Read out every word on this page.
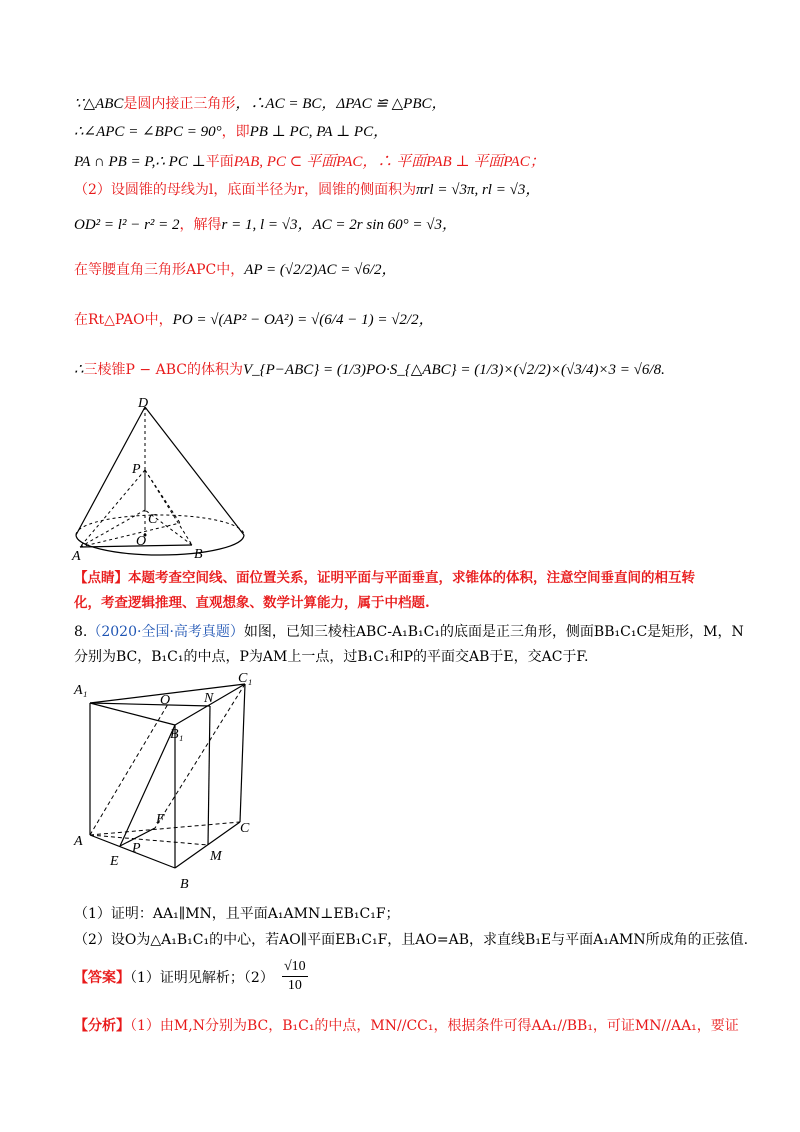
∵△ABC是圆内接正三角形，∴AC = BC，ΔPAC ≌ △PBC，
∴∠APC = ∠BPC = 90°，即PB ⊥ PC, PA ⊥ PC，
PA ∩ PB = P,∴ PC ⊥平面PAB, PC ⊂ 平面PAC，∴ 平面PAB ⊥ 平面PAC；
（2）设圆锥的母线为l，底面半径为r，圆锥的侧面积为πrl = √3π, rl = √3，
OD² = l² − r² = 2，解得r = 1, l = √3，AC = 2r sin 60° = √3，
在等腰直角三角形APC中，AP = (√2/2)AC = √6/2，
在Rt△PAO中，PO = √(AP² − OA²) = √(6/4 − 1) = √2/2，
∴三棱锥P − ABC的体积为V_{P−ABC} = (1/3)PO·S_{△ABC} = (1/3)×(√2/2)×(√3/4)×3 = √6/8.
D
P
C
O
A	B
【点睛】本题考查空间线、面位置关系，证明平面与平面垂直，求锥体的体积，注意空间垂直间的相互转
化，考查逻辑推理、直观想象、数学计算能力，属于中档题.
8.（2020·全国·高考真题）如图，已知三棱柱ABC-A₁B₁C₁的底面是正三角形，侧面BB₁C₁C是矩形，M，N
分别为BC，B₁C₁的中点，P为AM上一点，过B₁C₁和P的平面交AB于E，交AC于F.
A₁
O N
C₁
B₁
F
C
A	P
E	M
B
（1）证明：AA₁∥MN，且平面A₁AMN⊥EB₁C₁F；
（2）设O为△A₁B₁C₁的中心，若AO∥平面EB₁C₁F，且AO=AB，求直线B₁E与平面A₁AMN所成角的正弦值.
【答案】（1）证明见解析；$(2) \frac{√10}{10}$
【分析】（1）由M,N分别为BC，B₁C₁的中点，MN//CC₁，根据条件可得AA₁//BB₁，可证MN//AA₁，要证
